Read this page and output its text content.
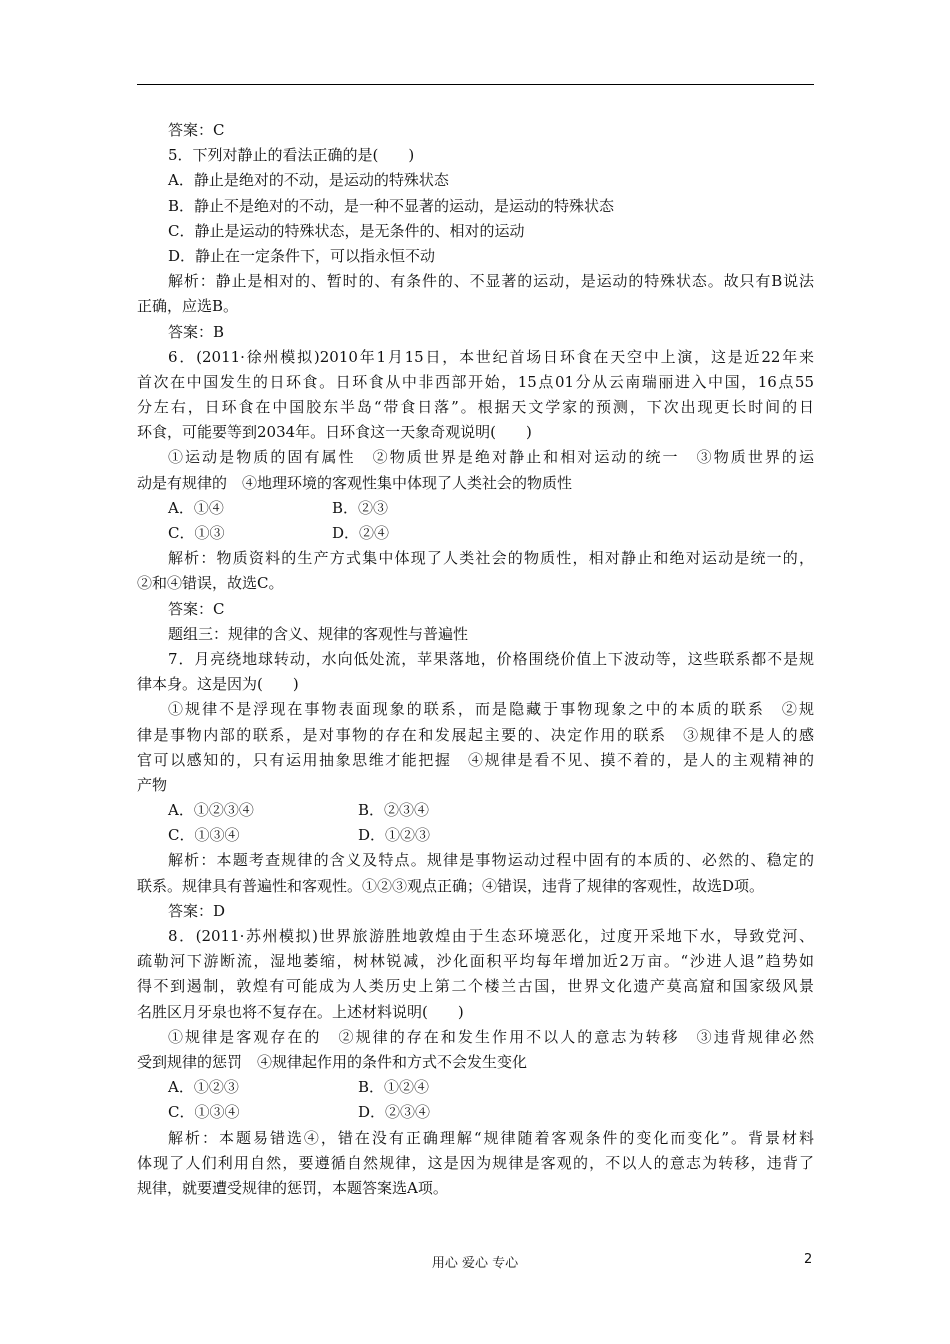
答案：C
5．下列对静止的看法正确的是(　　)
A．静止是绝对的不动，是运动的特殊状态
B．静止不是绝对的不动，是一种不显著的运动，是运动的特殊状态
C．静止是运动的特殊状态，是无条件的、相对的运动
D．静止在一定条件下，可以指永恒不动
解析：静止是相对的、暂时的、有条件的、不显著的运动，是运动的特殊状态。故只有B说法
正确，应选B。
答案：B
6．(2011·徐州模拟)2010年1月15日，本世纪首场日环食在天空中上演，这是近22年来
首次在中国发生的日环食。日环食从中非西部开始，15点01分从云南瑞丽进入中国，16点55
分左右，日环食在中国胶东半岛“带食日落”。根据天文学家的预测，下次出现更长时间的日
环食，可能要等到2034年。日环食这一天象奇观说明(　　)
①运动是物质的固有属性　②物质世界是绝对静止和相对运动的统一　③物质世界的运
动是有规律的　④地理环境的客观性集中体现了人类社会的物质性
A．①④	B．②③
C．①③	D．②④
解析：物质资料的生产方式集中体现了人类社会的物质性，相对静止和绝对运动是统一的，
②和④错误，故选C。
答案：C
题组三：规律的含义、规律的客观性与普遍性
7．月亮绕地球转动，水向低处流，苹果落地，价格围绕价值上下波动等，这些联系都不是规
律本身。这是因为(　　)
①规律不是浮现在事物表面现象的联系，而是隐藏于事物现象之中的本质的联系　②规
律是事物内部的联系，是对事物的存在和发展起主要的、决定作用的联系　③规律不是人的感
官可以感知的，只有运用抽象思维才能把握　④规律是看不见、摸不着的，是人的主观精神的
产物
A．①②③④	B．②③④
C．①③④	D．①②③
解析：本题考查规律的含义及特点。规律是事物运动过程中固有的本质的、必然的、稳定的
联系。规律具有普遍性和客观性。①②③观点正确；④错误，违背了规律的客观性，故选D项。
答案：D
8．(2011·苏州模拟)世界旅游胜地敦煌由于生态环境恶化，过度开采地下水，导致党河、
疏勒河下游断流，湿地萎缩，树林锐减，沙化面积平均每年增加近2万亩。“沙进人退”趋势如
得不到遏制，敦煌有可能成为人类历史上第二个楼兰古国，世界文化遗产莫高窟和国家级风景
名胜区月牙泉也将不复存在。上述材料说明(　　)
①规律是客观存在的　②规律的存在和发生作用不以人的意志为转移　③违背规律必然
受到规律的惩罚　④规律起作用的条件和方式不会发生变化
A．①②③	B．①②④
C．①③④	D．②③④
解析：本题易错选④，错在没有正确理解“规律随着客观条件的变化而变化”。背景材料
体现了人们利用自然，要遵循自然规律，这是因为规律是客观的，不以人的意志为转移，违背了
规律，就要遭受规律的惩罚，本题答案选A项。
用心 爱心 专心	2
